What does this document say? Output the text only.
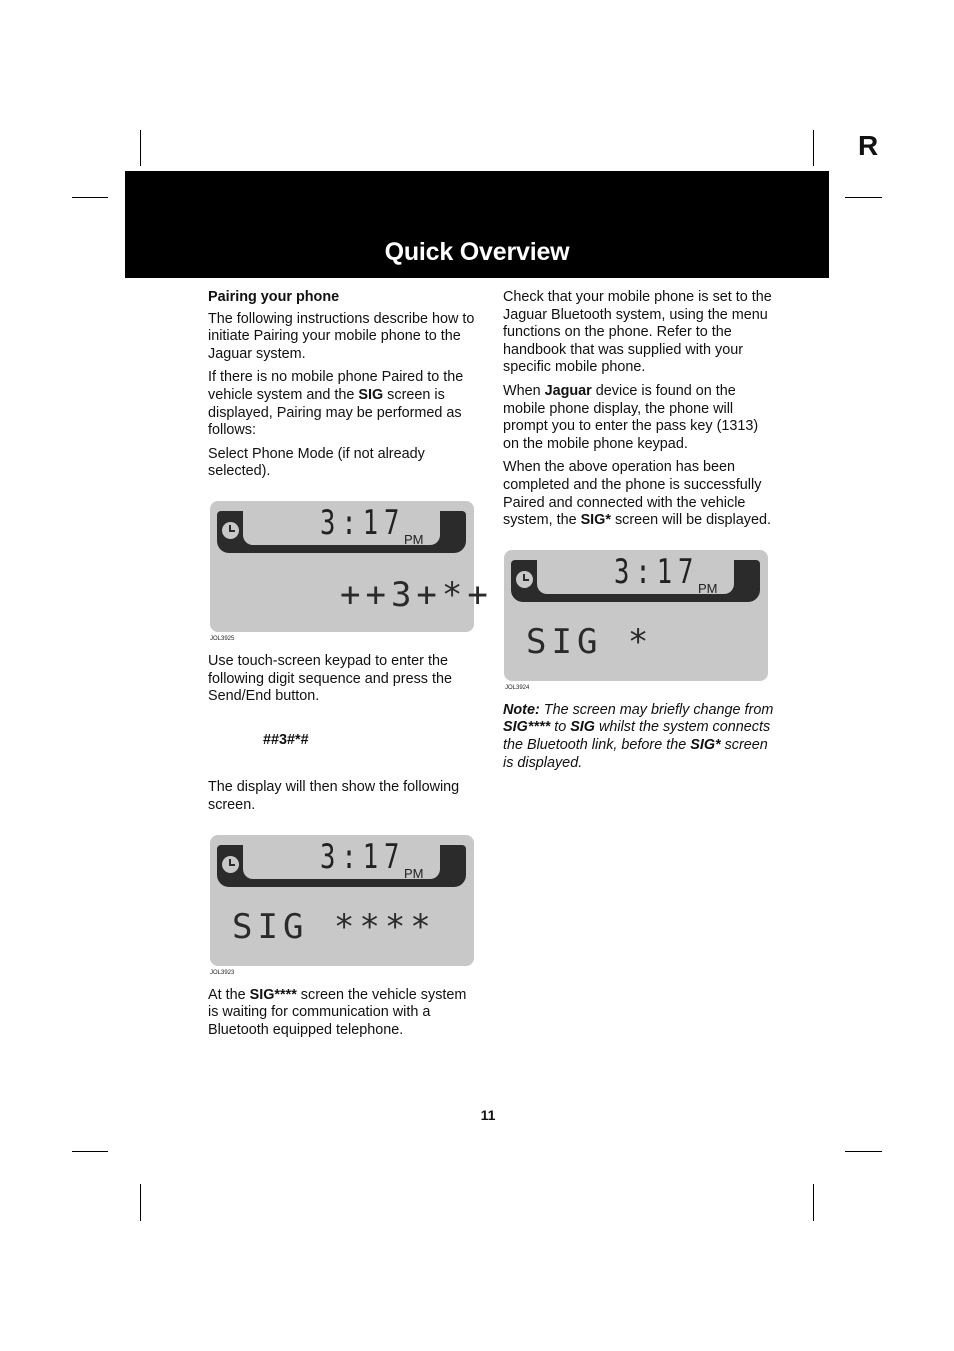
R
Quick Overview

Pairing your phone

The following instructions describe how to initiate Pairing your mobile phone to the Jaguar system.

If there is no mobile phone Paired to the vehicle system and the SIG screen is displayed, Pairing may be performed as follows:

Select Phone Mode (if not already selected).

3:17
PM
++3+*+
JOL3925

Use touch-screen keypad to enter the following digit sequence and press the Send/End button.

##3#*#

The display will then show the following screen.

3:17
PM
SIG ****
JOL3923

At the SIG**** screen the vehicle system is waiting for communication with a Bluetooth equipped telephone.

Check that your mobile phone is set to the Jaguar Bluetooth system, using the menu functions on the phone. Refer to the handbook that was supplied with your specific mobile phone.

When Jaguar device is found on the mobile phone display, the phone will prompt you to enter the pass key (1313) on the mobile phone keypad.

When the above operation has been completed and the phone is successfully Paired and connected with the vehicle system, the SIG* screen will be displayed.

3:17
PM
SIG *
JOL3924

Note: The screen may briefly change from SIG**** to SIG whilst the system connects the Bluetooth link, before the SIG* screen is displayed.

11
